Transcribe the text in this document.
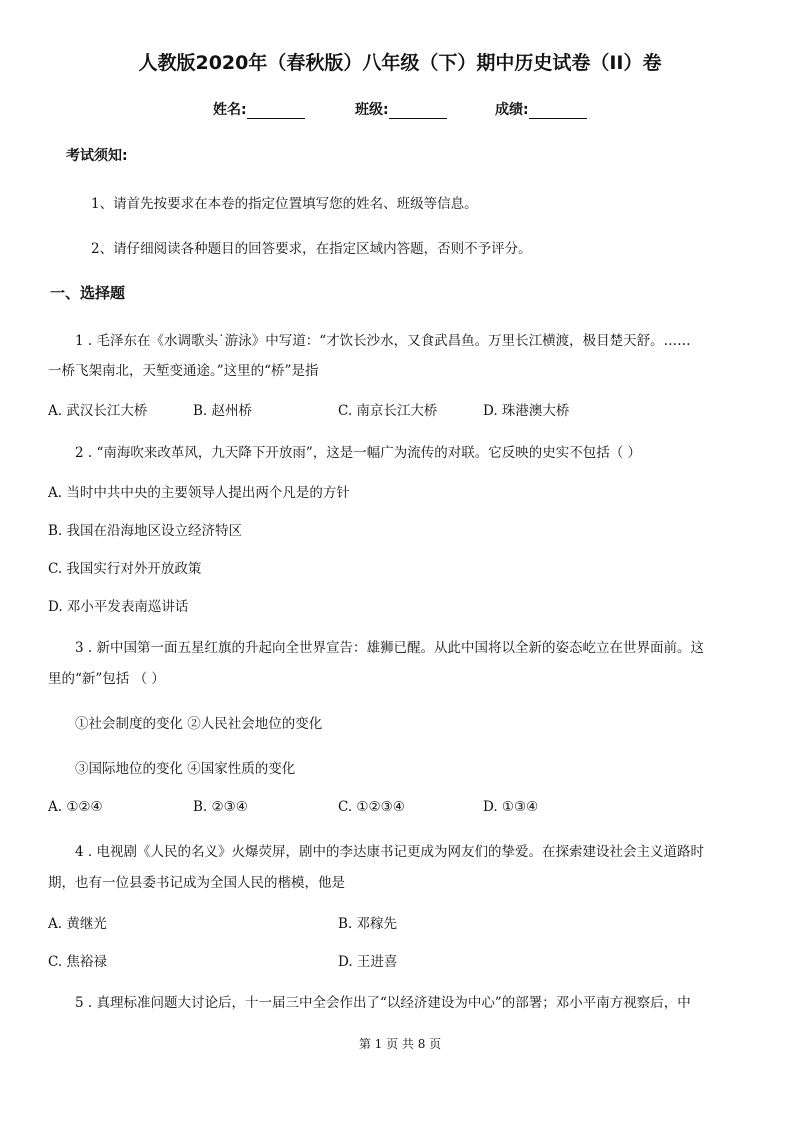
人教版2020年（春秋版）八年级（下）期中历史试卷（II）卷
姓名:	班级:	成绩:
考试须知:
1、请首先按要求在本卷的指定位置填写您的姓名、班级等信息。
2、请仔细阅读各种题目的回答要求，在指定区域内答题，否则不予评分。
一、选择题
1 . 毛泽东在《水调歌头˙游泳》中写道：“才饮长沙水，又食武昌鱼。万里长江横渡，极目楚天舒。……
一桥飞架南北，天堑变通途。”这里的“桥”是指
A. 武汉长江大桥	B. 赵州桥	C. 南京长江大桥	D. 珠港澳大桥
2 . “南海吹来改革风，九天降下开放雨”，这是一幅广为流传的对联。它反映的史实不包括（ ）
A. 当时中共中央的主要领导人提出两个凡是的方针
B. 我国在沿海地区设立经济特区
C. 我国实行对外开放政策
D. 邓小平发表南巡讲话
3 . 新中国第一面五星红旗的升起向全世界宣告：雄狮已醒。从此中国将以全新的姿态屹立在世界面前。这
里的“新”包括 （ ）
①社会制度的变化 ②人民社会地位的变化
③国际地位的变化 ④国家性质的变化
A. ①②④	B. ②③④	C. ①②③④	D. ①③④
4 . 电视剧《人民的名义》火爆荧屏，剧中的李达康书记更成为网友们的挚爱。在探索建设社会主义道路时
期，也有一位县委书记成为全国人民的楷模，他是
A. 黄继光	B. 邓稼先
C. 焦裕禄	D. 王进喜
5 . 真理标准问题大讨论后，十一届三中全会作出了“以经济建设为中心”的部署；邓小平南方视察后，中
第 1 页 共 8 页
